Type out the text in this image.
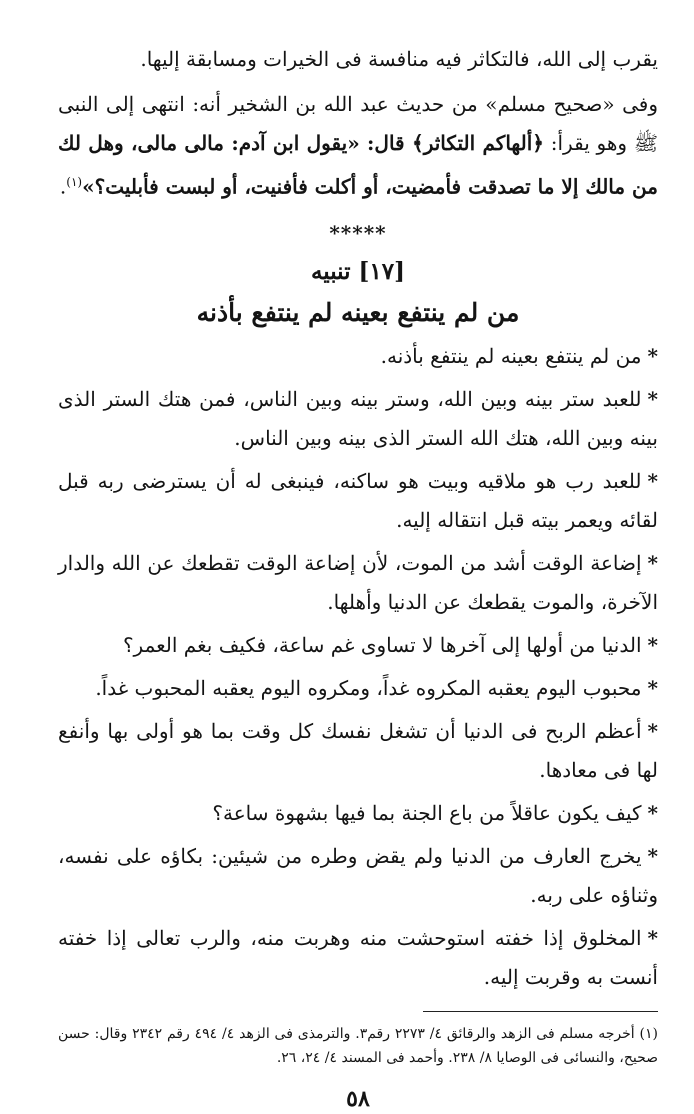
يقرب إلى الله، فالتكاثر فيه منافسة فى الخيرات ومسابقة إليها.

وفى «صحيح مسلم» من حديث عبد الله بن الشخير أنه: انتهى إلى النبى ﷺ وهو يقرأ: ﴿ألهاكم التكاثر﴾ قال: «يقول ابن آدم: مالى مالى، وهل لك من مالك إلا ما تصدقت فأمضيت، أو أكلت فأفنيت، أو لبست فأبليت؟»$^{(١)}$.

*****
[١٧] تنبيه
من لم ينتفع بعينه لم ينتفع بأذنه

*من لم ينتفع بعينه لم ينتفع بأذنه.

*للعبد ستر بينه وبين الله، وستر بينه وبين الناس، فمن هتك الستر الذى بينه وبين الله، هتك الله الستر الذى بينه وبين الناس.

*للعبد رب هو ملاقيه وبيت هو ساكنه، فينبغى له أن يسترضى ربه قبل لقائه ويعمر بيته قبل انتقاله إليه.

*إضاعة الوقت أشد من الموت، لأن إضاعة الوقت تقطعك عن الله والدار الآخرة، والموت يقطعك عن الدنيا وأهلها.

*الدنيا من أولها إلى آخرها لا تساوى غم ساعة، فكيف بغم العمر؟

*محبوب اليوم يعقبه المكروه غداً، ومكروه اليوم يعقبه المحبوب غداً.

*أعظم الربح فى الدنيا أن تشغل نفسك كل وقت بما هو أولى بها وأنفع لها فى معادها.

*كيف يكون عاقلاً من باع الجنة بما فيها بشهوة ساعة؟

*يخرج العارف من الدنيا ولم يقض وطره من شيئين: بكاؤه على نفسه، وثناؤه على ربه.

*المخلوق إذا خفته استوحشت منه وهربت منه، والرب تعالى إذا خفته أنست به وقربت إليه.

(١) أخرجه مسلم فى الزهد والرقائق ٤/ ٢٢٧٣ رقم٣. والترمذى فى الزهد ٤/ ٤٩٤ رقم ٢٣٤٢ وقال: حسن صحيح، والنسائى فى الوصايا ٨/ ٢٣٨. وأحمد فى المسند ٤/ ٢٤، ٢٦.

٥٨
